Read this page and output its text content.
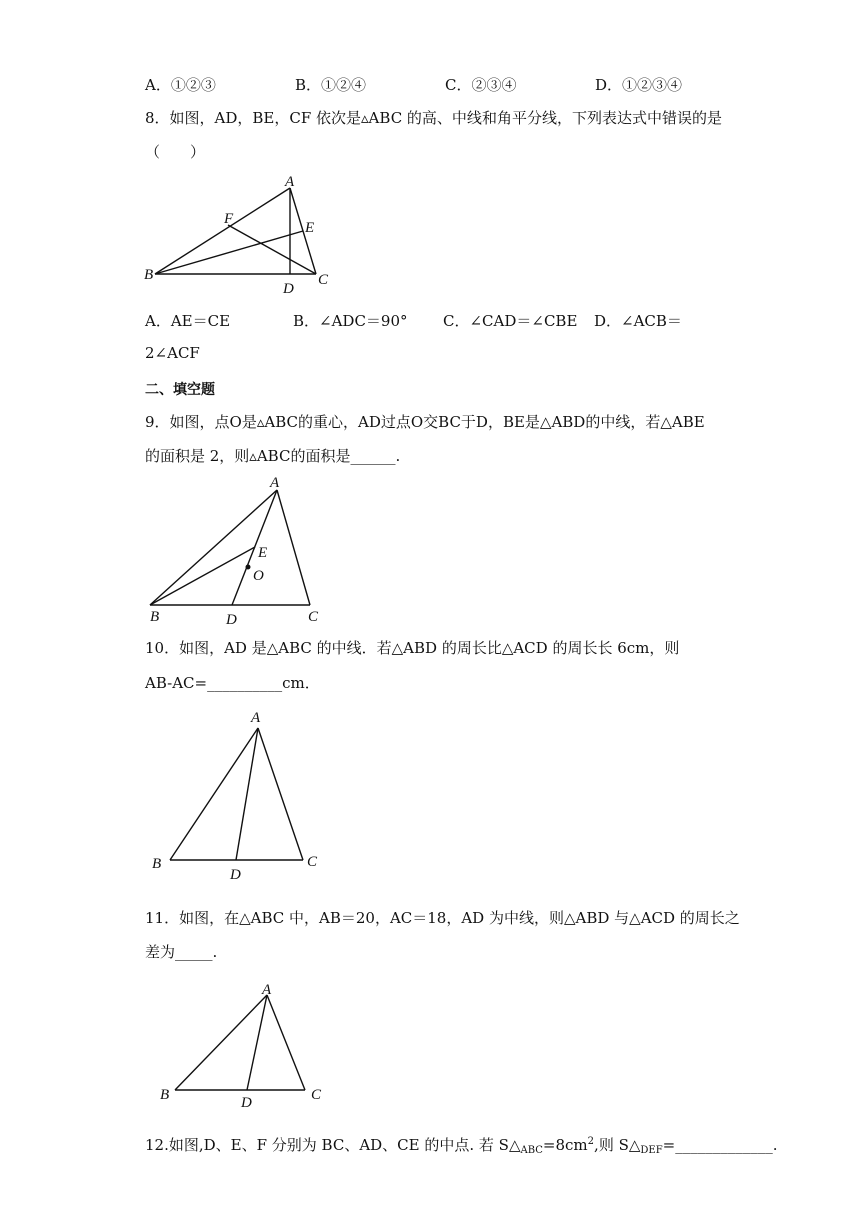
A．①②③	B．①②④	C．②③④	D．①②③④
8．如图，AD，BE，CF 依次是▵ABC 的高、中线和角平分线，下列表达式中错误的是
（　　）
A
B	C
D
E
F
A．AE＝CE	B．∠ADC＝90° C．∠CAD＝∠CBE D．∠ACB＝
2∠ACF
二、填空题
9．如图，点O是▵ABC的重心，AD过点O交BC于D，BE是△ABD的中线，若△ABE
的面积是 2，则▵ABC的面积是______.
A
B	C
D
E
O
10．如图，AD 是△ABC 的中线．若△ABD 的周长比△ACD 的周长长 6cm，则
AB-AC=__________cm．
A
B	C
D
11．如图，在△ABC 中，AB＝20，AC＝18，AD 为中线，则△ABD 与△ACD 的周长之
差为_____.
A
B	C
D
12.如图,D、E、F 分别为 BC、AD、CE 的中点. 若 $S\triangle_{ABC}=8cm^2$,则 $S\triangle_{DEF}=\_\_\_\_\_\_\_\_\_\_\_\_\_$.
